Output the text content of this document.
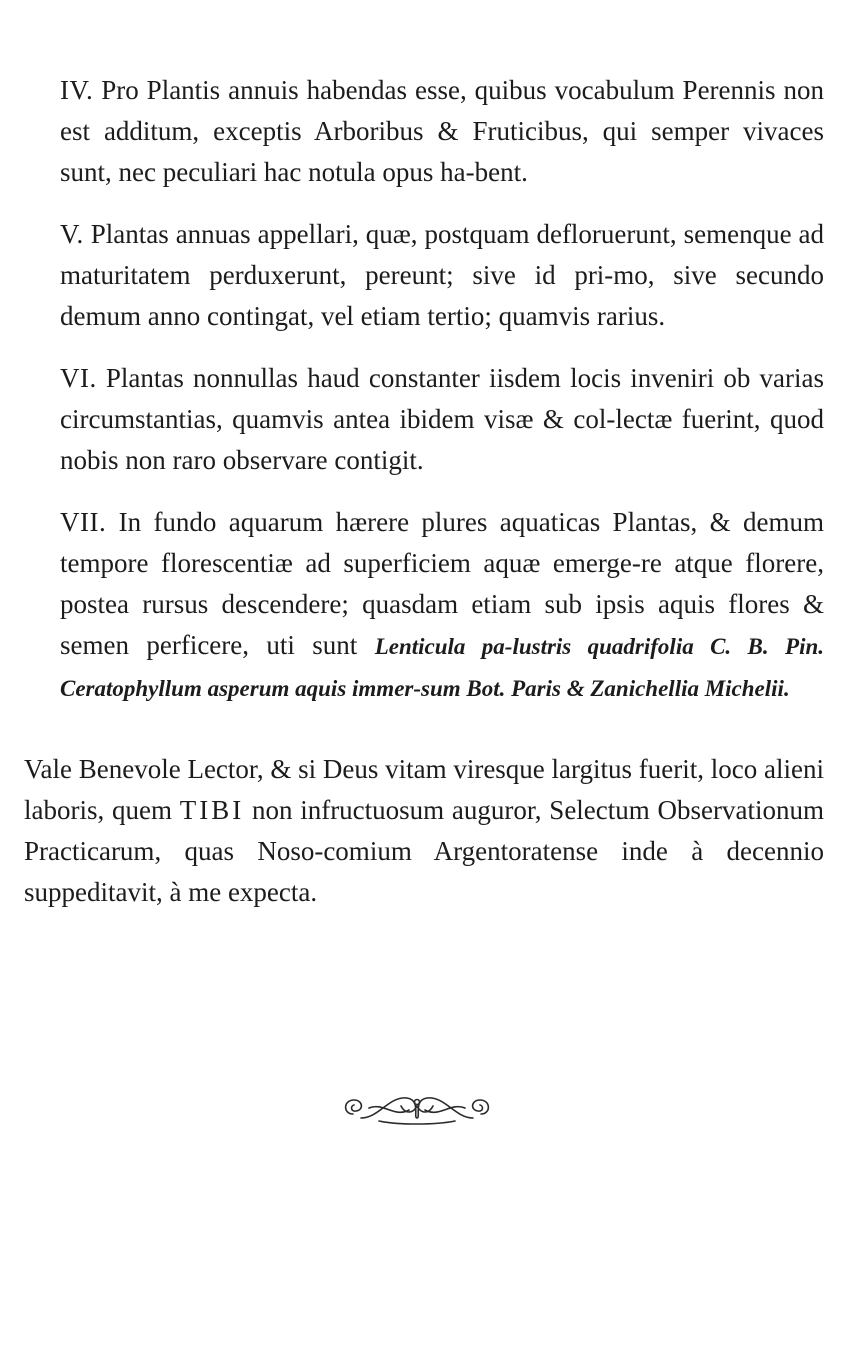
IV. Pro Plantis annuis habendas esse, quibus vocabulum Perennis non est additum, exceptis Arboribus & Fruticibus, qui semper vivaces sunt, nec peculiari hac notula opus ha-bent.

V. Plantas annuas appellari, quæ, postquam defloruerunt, semenque ad maturitatem perduxerunt, pereunt; sive id pri-mo, sive secundo demum anno contingat, vel etiam tertio; quamvis rarius.

VI. Plantas nonnullas haud constanter iisdem locis inveniri ob varias circumstantias, quamvis antea ibidem visæ & col-lectæ fuerint, quod nobis non raro observare contigit.

VII. In fundo aquarum hærere plures aquaticas Plantas, & demum tempore florescentiæ ad superficiem aquæ emerge-re atque florere, postea rursus descendere; quasdam etiam sub ipsis aquis flores & semen perficere, uti sunt Lenticula pa-lustris quadrifolia C. B. Pin. Ceratophyllum asperum aquis immer-sum Bot. Paris & Zanichellia Michelii.

Vale Benevole Lector, & si Deus vitam viresque largitus fuerit, loco alieni laboris, quem TIBI non infructuosum auguror, Selectum Observationum Practicarum, quas Noso-comium Argentoratense inde à decennio suppeditavit, à me expecta.
